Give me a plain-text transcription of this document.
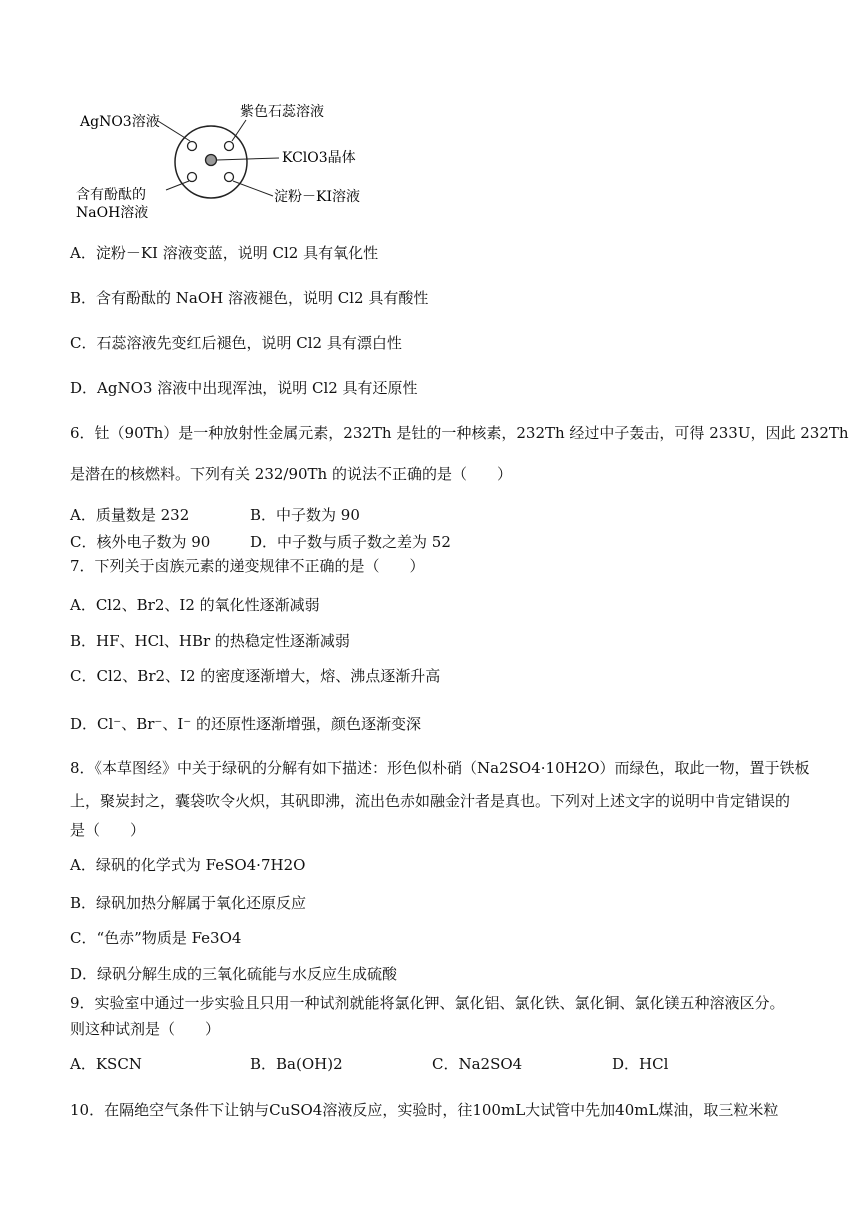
AgNO3溶液
紫色石蕊溶液
KClO3晶体
含有酚酞的
NaOH溶液
淀粉－KI溶液
A．淀粉－KI 溶液变蓝，说明 Cl2 具有氧化性
B．含有酚酞的 NaOH 溶液褪色，说明 Cl2 具有酸性
C．石蕊溶液先变红后褪色，说明 Cl2 具有漂白性
D．AgNO3 溶液中出现浑浊，说明 Cl2 具有还原性
6．钍（90Th）是一种放射性金属元素，232Th 是钍的一种核素，232Th 经过中子轰击，可得 233U，因此 232Th
是潜在的核燃料。下列有关 232/90Th 的说法不正确的是（　　）
A．质量数是 232	B．中子数为 90
C．核外电子数为 90	D．中子数与质子数之差为 52
7．下列关于卤族元素的递变规律不正确的是（　　）
A．Cl2、Br2、I2 的氧化性逐渐减弱
B．HF、HCl、HBr 的热稳定性逐渐减弱
C．Cl2、Br2、I2 的密度逐渐增大，熔、沸点逐渐升高
D．Cl⁻、Br⁻、I⁻ 的还原性逐渐增强，颜色逐渐变深
8．《本草图经》中关于绿矾的分解有如下描述：形色似朴硝（Na2SO4·10H2O）而绿色，取此一物，置于铁板
上，聚炭封之，囊袋吹令火炽，其矾即沸，流出色赤如融金汁者是真也。下列对上述文字的说明中肯定错误的
是（　　）
A．绿矾的化学式为 FeSO4·7H2O
B．绿矾加热分解属于氧化还原反应
C．“色赤”物质是 Fe3O4
D．绿矾分解生成的三氧化硫能与水反应生成硫酸
9．实验室中通过一步实验且只用一种试剂就能将氯化钾、氯化铝、氯化铁、氯化铜、氯化镁五种溶液区分。
则这种试剂是（　　）
A．KSCN	B．Ba(OH)2	C．Na2SO4	D．HCl
10．在隔绝空气条件下让钠与CuSO4溶液反应，实验时，往100mL大试管中先加40mL煤油，取三粒米粒
